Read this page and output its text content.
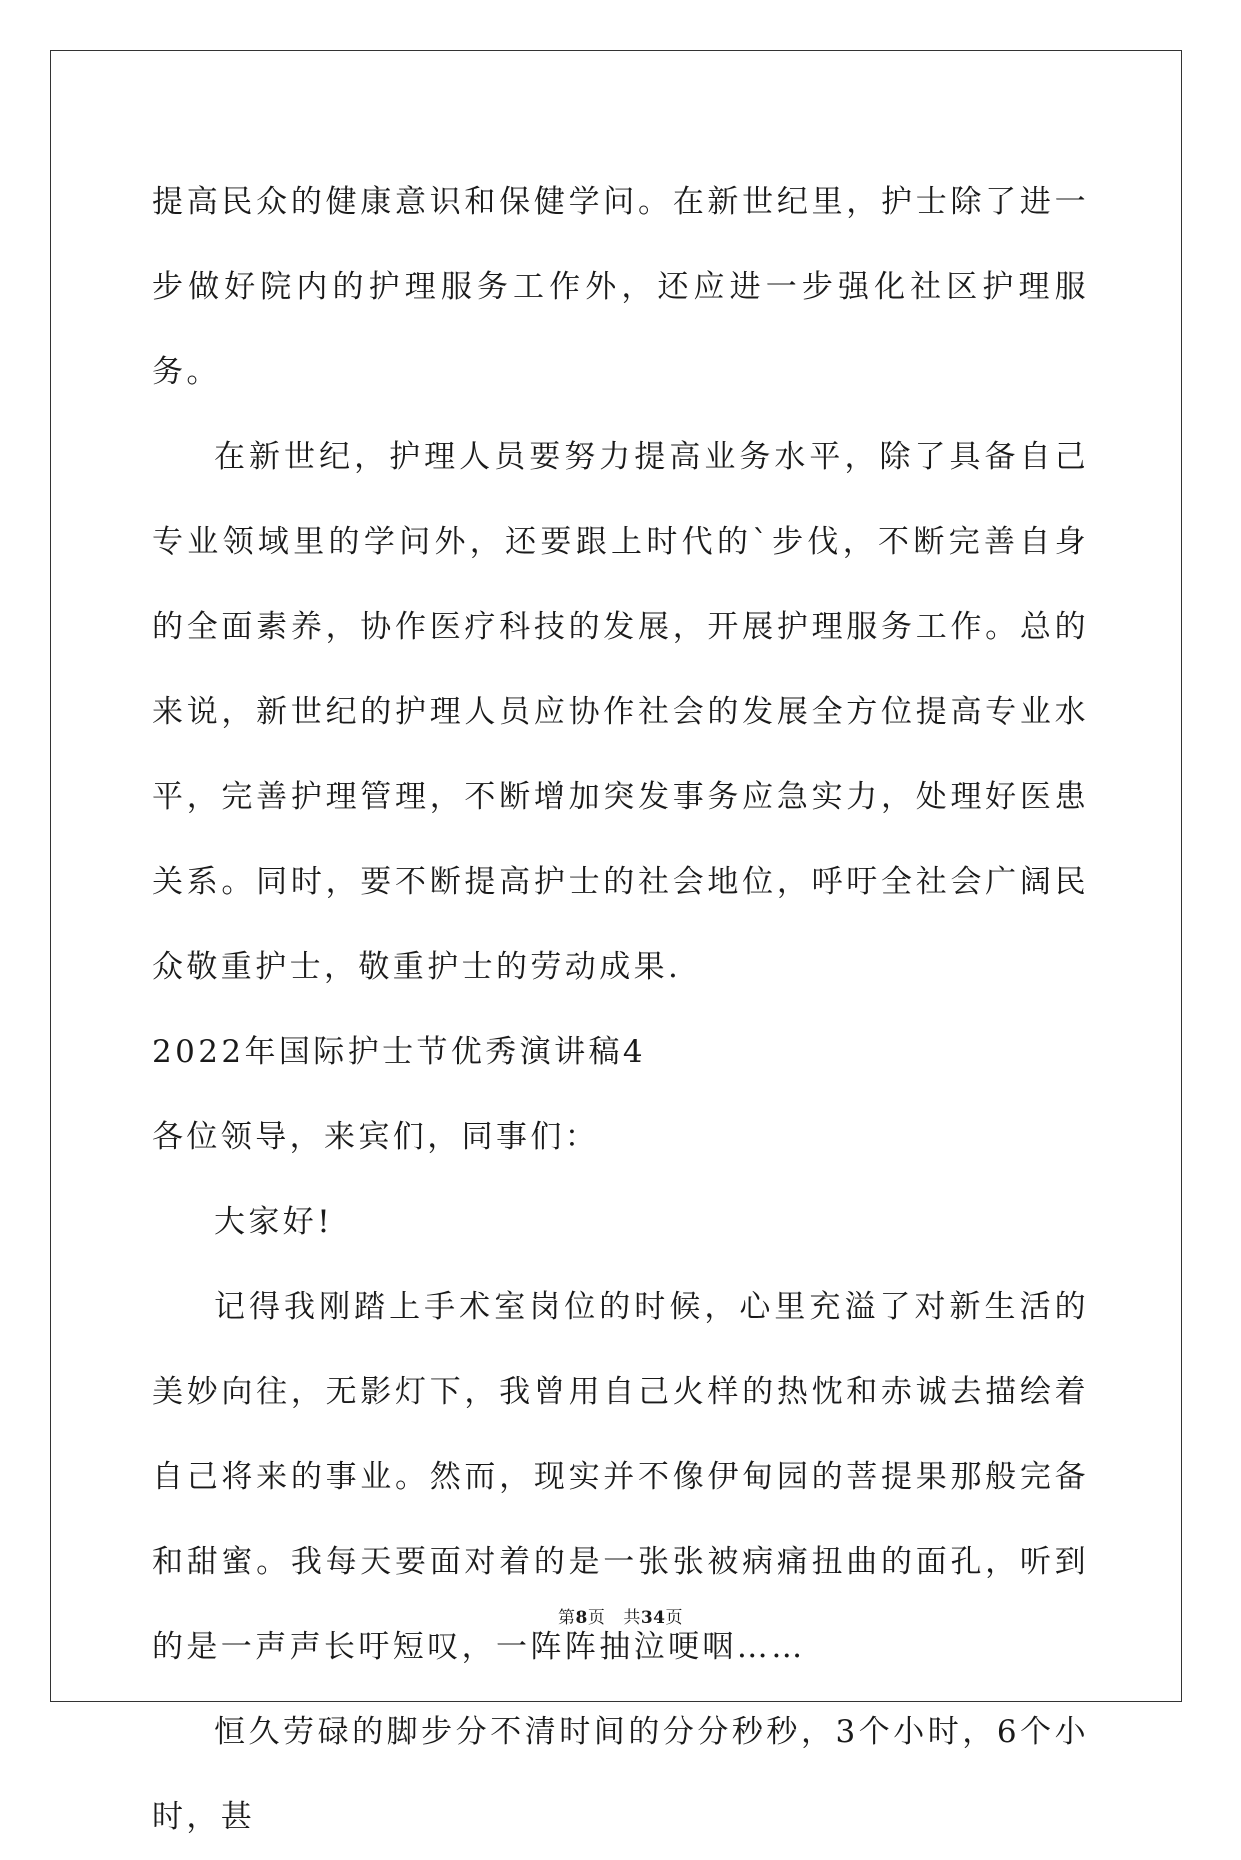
提高民众的健康意识和保健学问。在新世纪里，护士除了进一步做好院内的护理服务工作外，还应进一步强化社区护理服务。

在新世纪，护理人员要努力提高业务水平，除了具备自己专业领域里的学问外，还要跟上时代的`步伐，不断完善自身的全面素养，协作医疗科技的发展，开展护理服务工作。总的来说，新世纪的护理人员应协作社会的发展全方位提高专业水平，完善护理管理，不断增加突发事务应急实力，处理好医患关系。同时，要不断提高护士的社会地位，呼吁全社会广阔民众敬重护士，敬重护士的劳动成果.

2022年国际护士节优秀演讲稿4

各位领导，来宾们，同事们：

大家好!

记得我刚踏上手术室岗位的时候，心里充溢了对新生活的美妙向往，无影灯下，我曾用自己火样的热忱和赤诚去描绘着自己将来的事业。然而，现实并不像伊甸园的菩提果那般完备和甜蜜。我每天要面对着的是一张张被病痛扭曲的面孔，听到的是一声声长吁短叹，一阵阵抽泣哽咽……

恒久劳碌的脚步分不清时间的分分秒秒，3个小时，6个小时，甚

第8页 共34页
